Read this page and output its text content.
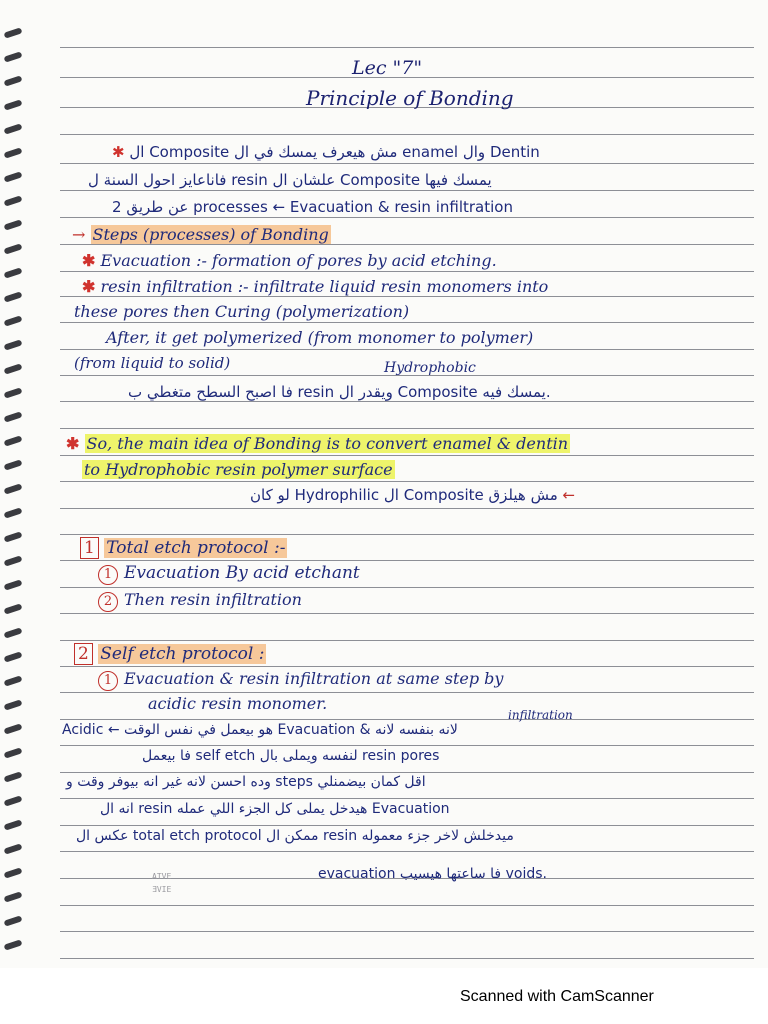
Lec "7"
Principle of Bonding
✱ ال Composite مش هيعرف يمسك في ال enamel وال Dentin
فاناعايز احول السنة ل resin علشان ال Composite يمسك فيها
عن طريق 2 processes ← Evacuation & resin infiltration
→ Steps (processes) of Bonding
✱ Evacuation :- formation of pores by acid etching.
✱ resin infiltration :- infiltrate liquid resin monomers into
these pores then Curing (polymerization)
After, it get polymerized (from monomer to polymer)
(from liquid to solid)	Hydrophobic
فا اصبح السطح متغطي ب resin ويقدر ال Composite يمسك فيه.
✱ So, the main idea of Bonding is to convert enamel & dentin
to Hydrophobic resin polymer surface
لو كان Hydrophilic ال Composite مش هيلزق ←
1 Total etch protocol :-
1 Evacuation By acid etchant
2 Then resin infiltration
2 Self etch protocol :
1 Evacuation & resin infiltration at same step by
acidic resin monomer.
infiltration
Acidic ← هو بيعمل في نفس الوقت Evacuation & لانه بنفسه لانه
فا بيعمل self etch لنفسه ويملى بال resin pores
وده احسن لانه غير انه بيوفر وقت و steps اقل كمان بيضمنلي
انه ال resin هيدخل يملى كل الجزء اللي عمله Evacuation
عكس ال total etch protocol ممكن ال resin ميدخلش لاخر جزء معموله
evacuation فا ساعتها هيسيب voids.
ATVE
ƎVIE
Scanned with CamScanner
